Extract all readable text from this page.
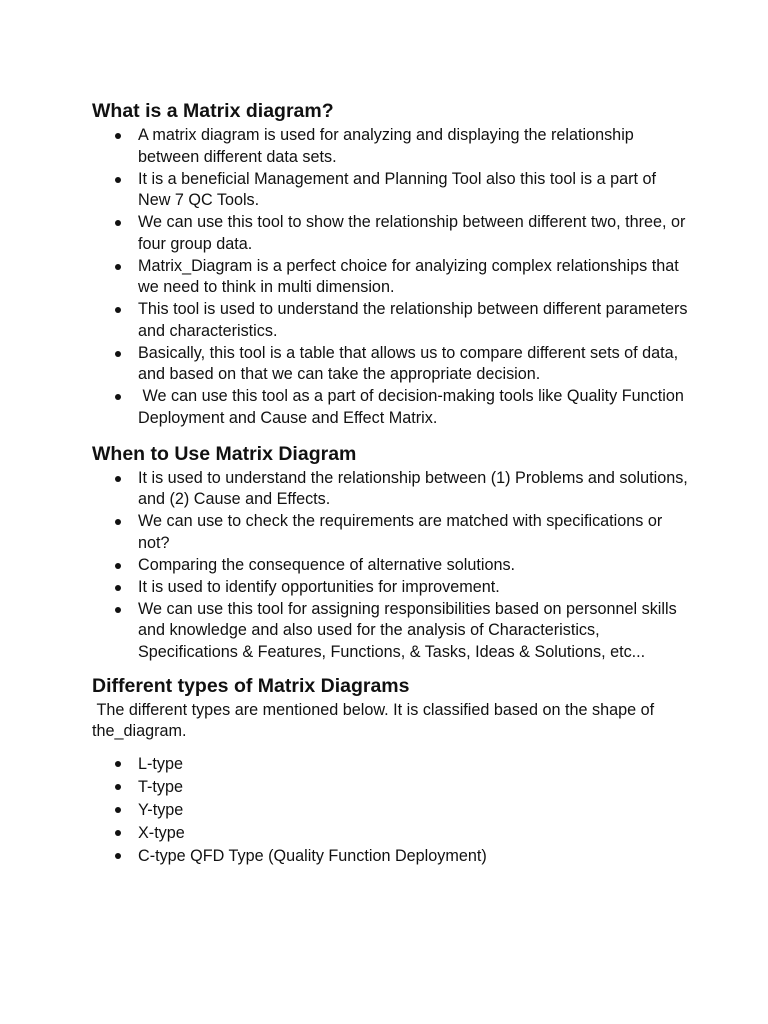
What is a Matrix diagram?
A matrix diagram is used for analyzing and displaying the relationship between different data sets.
It is a beneficial Management and Planning Tool also this tool is a part of New 7 QC Tools.
We can use this tool to show the relationship between different two, three, or four group data.
Matrix_Diagram is a perfect choice for analyizing complex relationships that we need to think in multi dimension.
This tool is used to understand the relationship between different parameters and characteristics.
Basically, this tool is a table that allows us to compare different sets of data, and based on that we can take the appropriate decision.
We can use this tool as a part of decision-making tools like Quality Function Deployment and Cause and Effect Matrix.
When to Use Matrix Diagram
It is used to understand the relationship between (1) Problems and solutions, and (2) Cause and Effects.
We can use to check the requirements are matched with specifications or not?
Comparing the consequence of alternative solutions.
It is used to identify opportunities for improvement.
We can use this tool for assigning responsibilities based on personnel skills and knowledge and also used for the analysis of Characteristics, Specifications & Features, Functions, & Tasks, Ideas & Solutions, etc...
Different types of Matrix Diagrams

The different types are mentioned below. It is classified based on the shape of the_diagram.

L-type
T-type
Y-type
X-type
C-type QFD Type (Quality Function Deployment)
